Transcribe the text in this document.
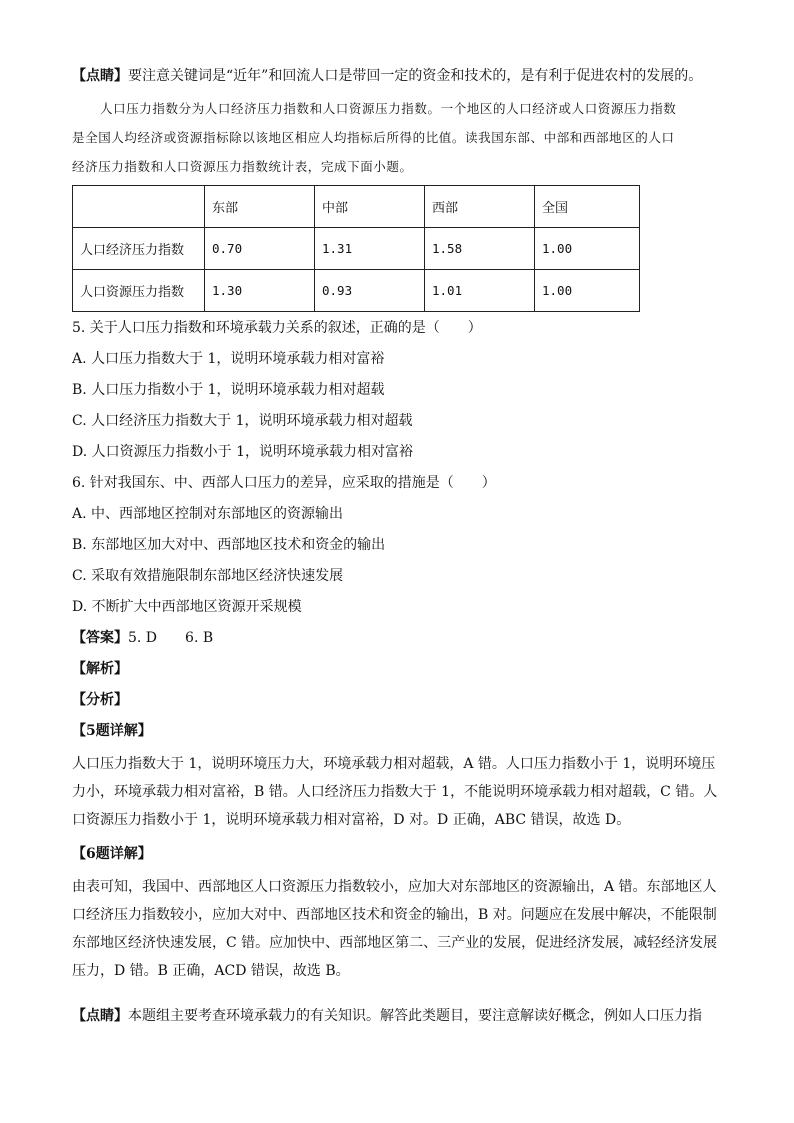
【点睛】要注意关键词是“近年”和回流人口是带回一定的资金和技术的，是有利于促进农村的发展的。
人口压力指数分为人口经济压力指数和人口资源压力指数。一个地区的人口经济或人口资源压力指数
是全国人均经济或资源指标除以该地区相应人均指标后所得的比值。读我国东部、中部和西部地区的人口
经济压力指数和人口资源压力指数统计表，完成下面小题。
	东部	中部	西部	全国
人口经济压力指数	0.70	1.31	1.58	1.00
人口资源压力指数	1.30	0.93	1.01	1.00
5. 关于人口压力指数和环境承载力关系的叙述，正确的是（　　）
A. 人口压力指数大于 1，说明环境承载力相对富裕
B. 人口压力指数小于 1，说明环境承载力相对超载
C. 人口经济压力指数大于 1，说明环境承载力相对超载
D. 人口资源压力指数小于 1，说明环境承载力相对富裕
6. 针对我国东、中、西部人口压力的差异，应采取的措施是（　　）
A. 中、西部地区控制对东部地区的资源输出
B. 东部地区加大对中、西部地区技术和资金的输出
C. 采取有效措施限制东部地区经济快速发展
D. 不断扩大中西部地区资源开采规模
【答案】5. D　　6. B
【解析】
【分析】
【5题详解】
人口压力指数大于 1，说明环境压力大，环境承载力相对超载，A 错。人口压力指数小于 1，说明环境压
力小，环境承载力相对富裕，B 错。人口经济压力指数大于 1，不能说明环境承载力相对超载，C 错。人
口资源压力指数小于 1，说明环境承载力相对富裕，D 对。D 正确，ABC 错误，故选 D。
【6题详解】
由表可知，我国中、西部地区人口资源压力指数较小，应加大对东部地区的资源输出，A 错。东部地区人
口经济压力指数较小，应加大对中、西部地区技术和资金的输出，B 对。问题应在发展中解决，不能限制
东部地区经济快速发展，C 错。应加快中、西部地区第二、三产业的发展，促进经济发展，减轻经济发展
压力，D 错。B 正确，ACD 错误，故选 B。
【点睛】本题组主要考查环境承载力的有关知识。解答此类题目，要注意解读好概念，例如人口压力指
